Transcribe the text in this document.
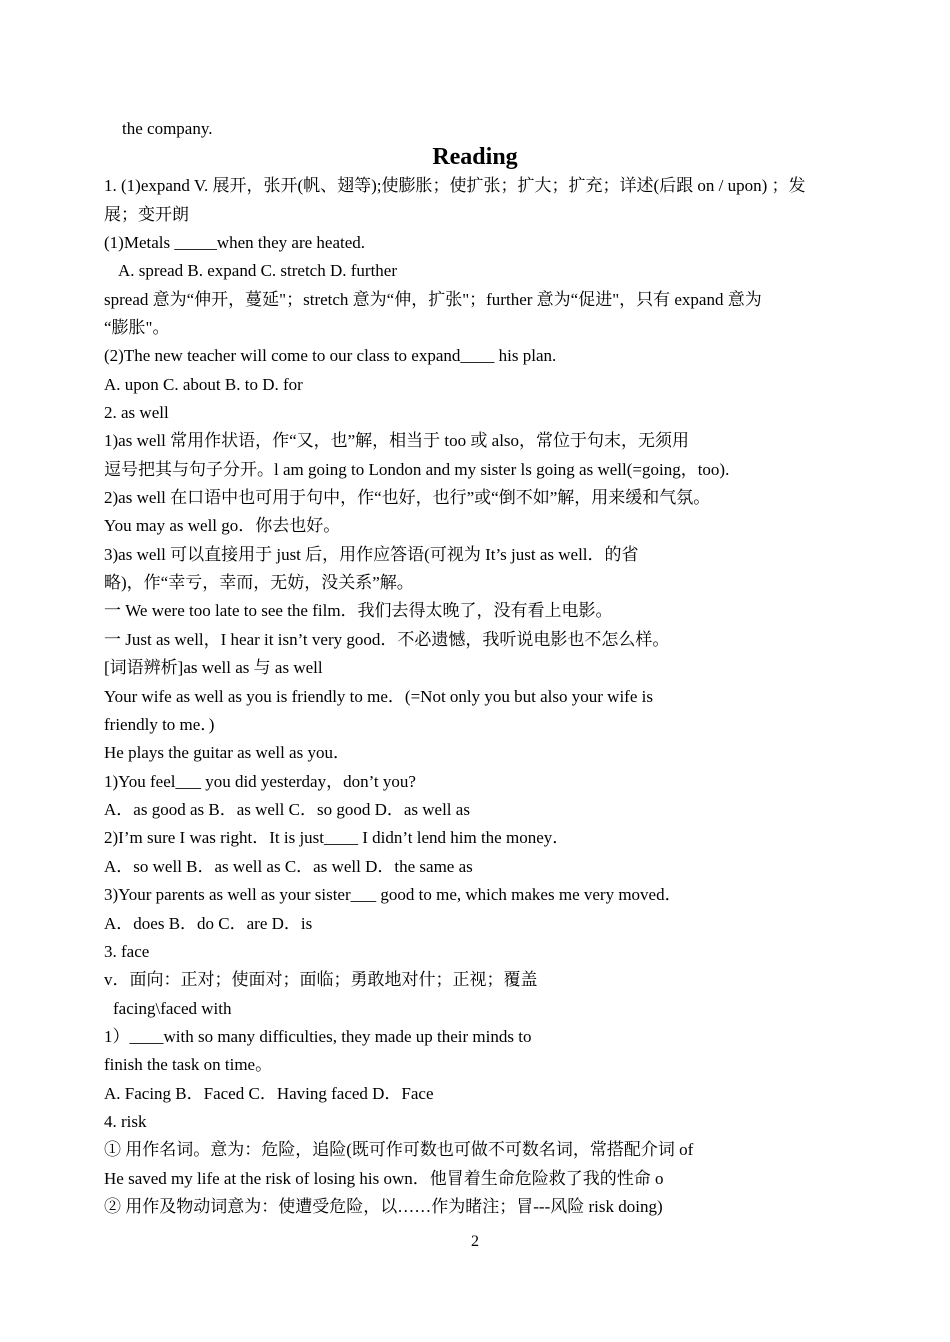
the company.
Reading
1. (1)expand V. 展开，张开(帆、翅等);使膨胀；使扩张；扩大；扩充；详述(后跟 on / upon) ；发
展；变开朗
(1)Metals _____when they are heated.
A. spread B. expand C. stretch D. further
spread 意为“伸开，蔓延"；stretch 意为“伸，扩张"；further 意为“促进"，只有 expand 意为
“膨胀"。
(2)The new teacher will come to our class to expand____ his plan.
A. upon C. about B. to D. for
2. as well
1)as well 常用作状语，作“又，也”解，相当于 too 或 also，常位于句末，无须用
逗号把其与句子分开。l am going to London and my sister ls going as well(=going，too).
2)as well 在口语中也可用于句中，作“也好，也行”或“倒不如”解，用来缓和气氛。
You may as well go．你去也好。
3)as well 可以直接用于 just 后，用作应答语(可视为 It’s just as well．的省
略)，作“幸亏，幸而，无妨，没关系”解。
一 We were too late to see the film．我们去得太晚了，没有看上电影。
一 Just as well，I hear it isn’t very good．不必遗憾，我听说电影也不怎么样。
[词语辨析]as well as 与 as well
Your wife as well as you is friendly to me．(=Not only you but also your wife is
friendly to me．)
He plays the guitar as well as you．
1)You feel___ you did yesterday，don’t you?
A．as good as B．as well C．so good D．as well as
2)I’m sure I was right．It is just____ I didn’t lend him the money．
A．so well B．as well as C．as well D．the same as
3)Your parents as well as your sister___ good to me, which makes me very moved．
A．does B．do C．are D．is
3. face
v．面向：正对；使面对；面临；勇敢地对什；正视；覆盖
facing\faced with
1）____with so many difficulties, they made up their minds to
finish the task on time。
A. Facing B．Faced C．Having faced D．Face
4. risk
① 用作名词。意为：危险，追险(既可作可数也可做不可数名词，常搭配介词 of
He saved my life at the risk of losing his own．他冒着生命危险救了我的性命 o
② 用作及物动词意为：使遭受危险，以……作为睹注；冒---风险 risk doing)
2
